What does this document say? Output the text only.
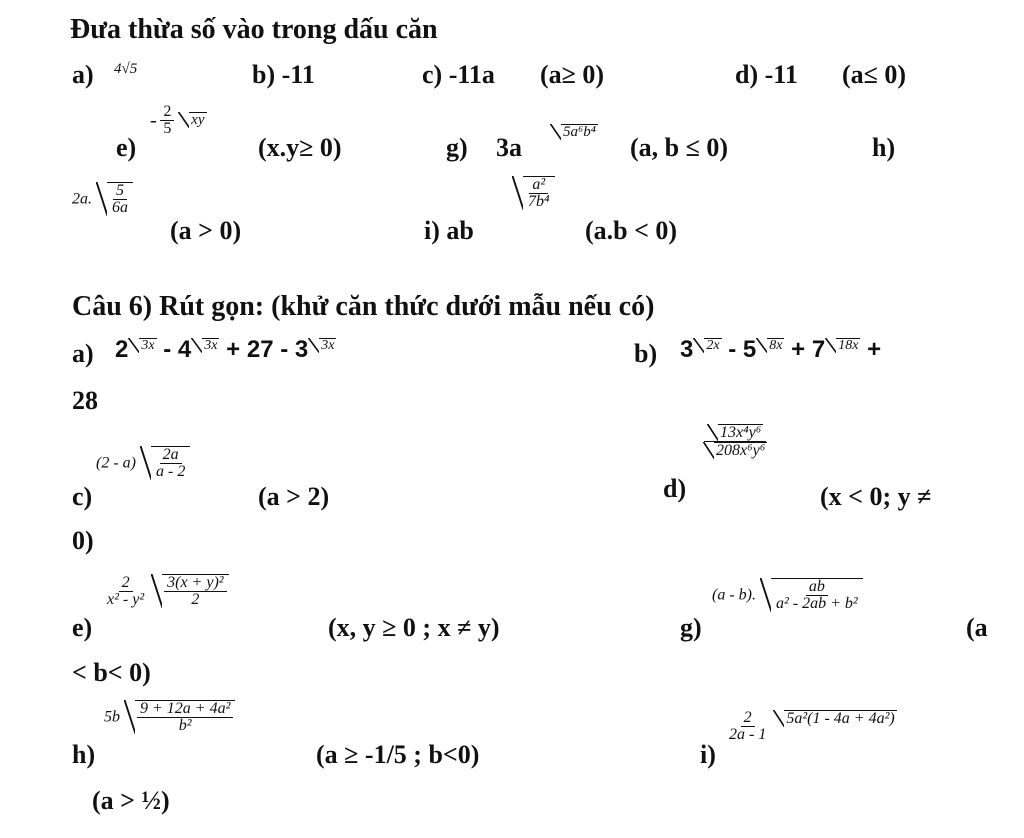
Đưa thừa số vào trong dấu căn
a) 4√5	b) -11	c) -11a (a≥ 0)	d) -11 (a≤ 0)
e)
- $\frac{2}{5}$ xy
(x.y≥ 0)	g) 3a
5a⁶b⁴
(a, b ≤ 0)	h)
2a. $\frac{5}{6a}$
(a > 0)	i) ab
$\frac{\text{a²}}{\text{7b⁴}}$
(a.b < 0)
Câu 6) Rút gọn: (khử căn thức dưới mẫu nếu có)
a) 2 3x - 4 3x + 27 - 3 3x	b) 3 2x - 5 8x + 7 18x +
28
c)
$(2 - a) \frac{2a}{a - 2}$
(a > 2)	d)
$\frac{\text{13x⁴y⁶}}{\text{208x⁶y⁶}}$
(x < 0; y ≠
0)
e)
$\frac{2}{\text{x² - y²}}$
$\frac{\text{3(x + y)²}}{2}$
(x, y ≥ 0 ; x ≠ y)	g)
(a - b). $\frac{ab}{\text{a² - 2ab + b²}}$
(a
< b< 0)
h)
$5b \frac{\text{9 + 12a + 4a²}}{\text{b²}}$
(a ≥ -1/5 ; b<0)	i)
$\frac{2}{2a - 1} 5a^2(1 - 4a + 4a^2)$
(a > ½)
